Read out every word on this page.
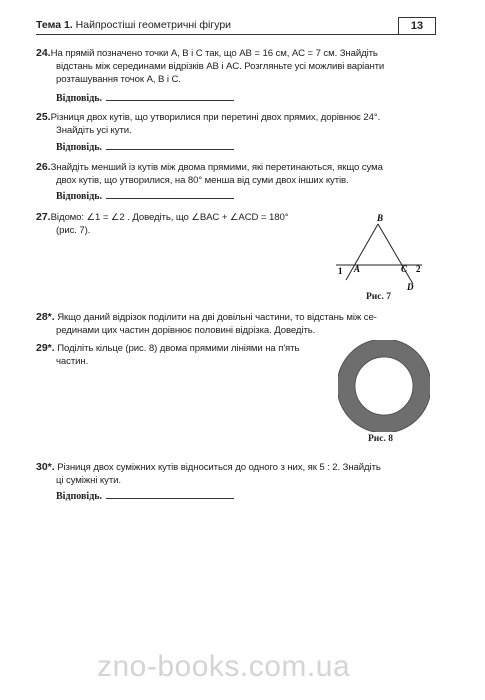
Тема 1. Найпростіші геометричні фігури	13
24.На прямій позначено точки A, B і C так, що AB = 16 см, AC = 7 см. Знайдіть
відстань між серединами відрізків AB і AC. Розгляньте усі можливі варіанти
розташування точок A, B і C.
Відповідь.
25.Різниця двох кутів, що утворилися при перетині двох прямих, дорівнює 24°.
Знайдіть усі кути.
Відповідь.
26.Знайдіть менший із кутів між двома прямими, які перетинаються, якщо сума
двох кутів, що утворилися, на 80° менша від суми двох інших кутів.
Відповідь.
27.Відомо: ∠1 = ∠2 . Доведіть, що ∠BAC + ∠ACD = 180°
(рис. 7).
B
A	C
D
1	2
Рис. 7
28*. Якщо даний відрізок поділити на дві довільні частини, то відстань між се-
рединами цих частин дорівнює половині відрізка. Доведіть.
29*. Поділіть кільце (рис. 8) двома прямими лініями на п'ять
частин.
Рис. 8
30*. Різниця двох суміжних кутів відноситься до одного з них, як 5 : 2. Знайдіть
ці суміжні кути.
Відповідь.
zno-books.com.ua
